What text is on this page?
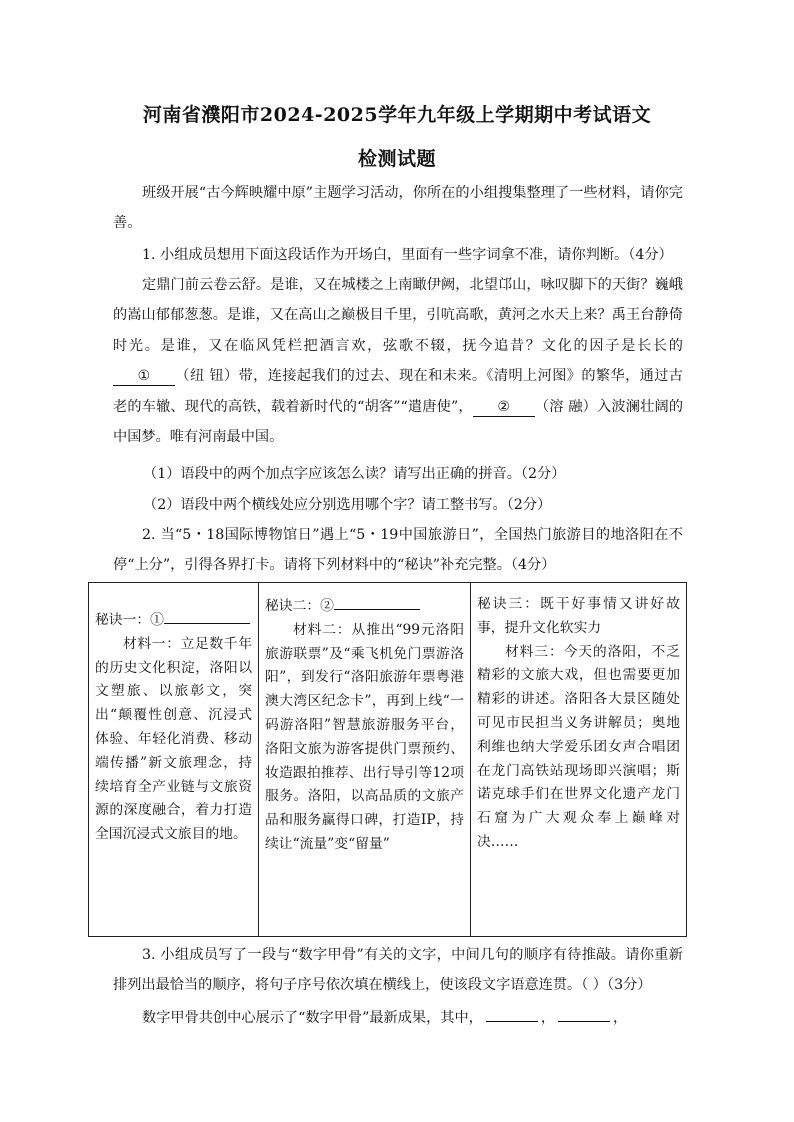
河南省濮阳市2024-2025学年九年级上学期期中考试语文
检测试题
班级开展“古今辉映耀中原”主题学习活动，你所在的小组搜集整理了一些材料，请你完善。
1. 小组成员想用下面这段话作为开场白，里面有一些字词拿不准，请你判断。（4分）
定鼎门前云卷云舒。是谁，又在城楼之上南瞰伊阙，北望邙山，咏叹脚下的天街？巍峨的嵩山郁郁葱葱。是谁，又在高山之巅极目千里，引吭高歌，黄河之水天上来？禹王台静倚时光。是谁，又在临风凭栏把酒言欢，弦歌不辍，抚今追昔？文化的因子是长长的① （纽 钮）带，连接起我们的过去、现在和未来。《清明上河图》的繁华，通过古老的车辙、现代的高铁，载着新时代的“胡客”“遣唐使”， ② （溶 融）入波澜壮阔的中国梦。唯有河南最中国。
（1）语段中的两个加点字应该怎么读？请写出正确的拼音。（2分）
（2）语段中两个横线处应分别选用哪个字？请工整书写。（2分）
2. 当“5・18国际博物馆日”遇上“5・19中国旅游日”，全国热门旅游目的地洛阳在不停“上分”，引得各界打卡。请将下列材料中的“秘诀”补充完整。（4分）
秘诀一：①
材料一：立足数千年的历史文化积淀，洛阳以文塑旅、以旅彰文，突出“颠覆性创意、沉浸式体验、年轻化消费、移动端传播”新文旅理念，持续培育全产业链与文旅资源的深度融合，着力打造全国沉浸式文旅目的地。

秘诀二：②
材料二：从推出“99元洛阳旅游联票”及“乘飞机免门票游洛阳”，到发行“洛阳旅游年票粤港澳大湾区纪念卡”，再到上线“一码游洛阳”智慧旅游服务平台，洛阳文旅为游客提供门票预约、妆造跟拍推荐、出行导引等12项服务。洛阳，以高品质的文旅产品和服务赢得口碑，打造IP，持续让“流量”变“留量”

秘诀三：既干好事情又讲好故事，提升文化软实力
材料三：今天的洛阳，不乏精彩的文旅大戏，但也需要更加精彩的讲述。洛阳各大景区随处可见市民担当义务讲解员；奥地利维也纳大学爱乐团女声合唱团在龙门高铁站现场即兴演唱；斯诺克球手们在世界文化遗产龙门石窟为广大观众奉上巅峰对决……
3. 小组成员写了一段与“数字甲骨”有关的文字，中间几句的顺序有待推敲。请你重新排列出最恰当的顺序，将句子序号依次填在横线上，使该段文字语意连贯。（ ）（3分）
数字甲骨共创中心展示了“数字甲骨”最新成果，其中，	，	，
